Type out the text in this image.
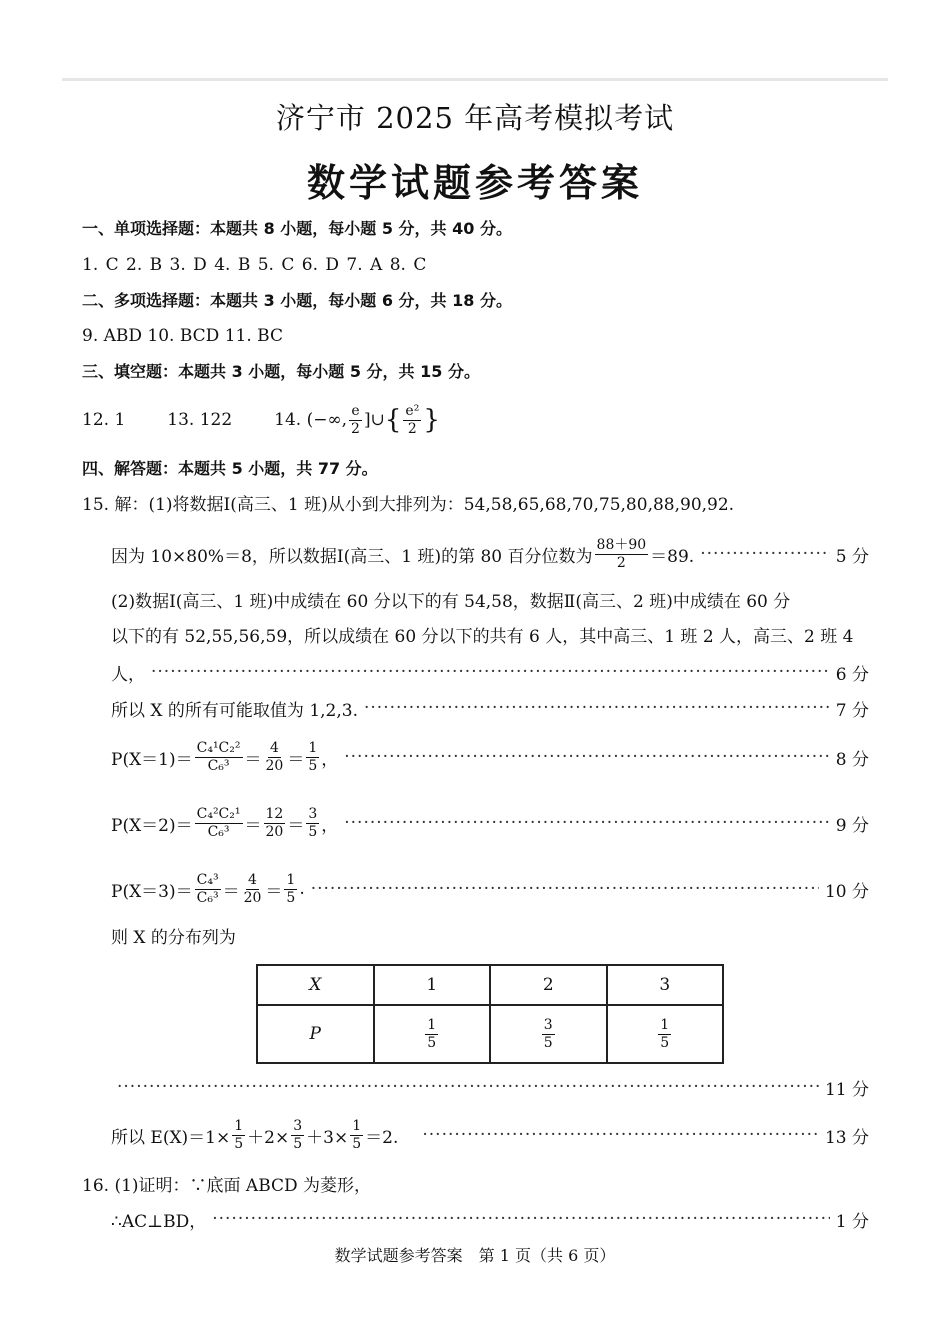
济宁市 2025 年高考模拟考试
数学试题参考答案
一、单项选择题：本题共 8 小题，每小题 5 分，共 40 分。
1. C 2. B 3. D 4. B 5. C 6. D 7. A 8. C
二、多项选择题：本题共 3 小题，每小题 6 分，共 18 分。
9. ABD 10. BCD 11. BC
三、填空题：本题共 3 小题，每小题 5 分，共 15 分。
12. 1 13. 122 14. (−∞, $\frac{e}{2}$ ]∪ { $\frac{\text{e²}}{2}$ }
四、解答题：本题共 5 小题，共 77 分。
15. 解：(1)将数据Ⅰ(高三、1 班)从小到大排列为：54,58,65,68,70,75,80,88,90,92.
因为 10×80%＝8，所以数据Ⅰ(高三、1 班)的第 80 百分位数为 $\frac{88+90}{2} =89$. ·····	5 分
(2)数据Ⅰ(高三、1 班)中成绩在 60 分以下的有 54,58，数据Ⅱ(高三、2 班)中成绩在 60 分
以下的有 52,55,56,59，所以成绩在 60 分以下的共有 6 人，其中高三、1 班 2 人，高三、2 班 4
人， ·····	6 分
所以 X 的所有可能取值为 1,2,3. ·····	7 分
$P(X=1)= \frac{\text{C₄¹C₂²}}{\text{C₆³}} = \frac{4}{20} = \frac{1}{5}$ ， ·····	8 分
$P(X=2)= \frac{\text{C₄²C₂¹}}{\text{C₆³}} = \frac{12}{20} = \frac{3}{5}$ ， ·····	9 分
$P(X=3)= \frac{\text{C₄³}}{\text{C₆³}} = \frac{4}{20} = \frac{1}{5}$ . ·····	10 分
则 X 的分布列为
X	1	2	3
P	$\frac{1}{5}$	$\frac{3}{5}$	$\frac{1}{5}$
·····
11 分
所以 $E(X)=1\times \frac{1}{5} +2\times \frac{3}{5} +3\times \frac{1}{5} =2$. ·····	13 分
16. (1)证明：∵底面 ABCD 为菱形，
∴AC⊥BD， ·····	1 分
数学试题参考答案　第 1 页（共 6 页）
